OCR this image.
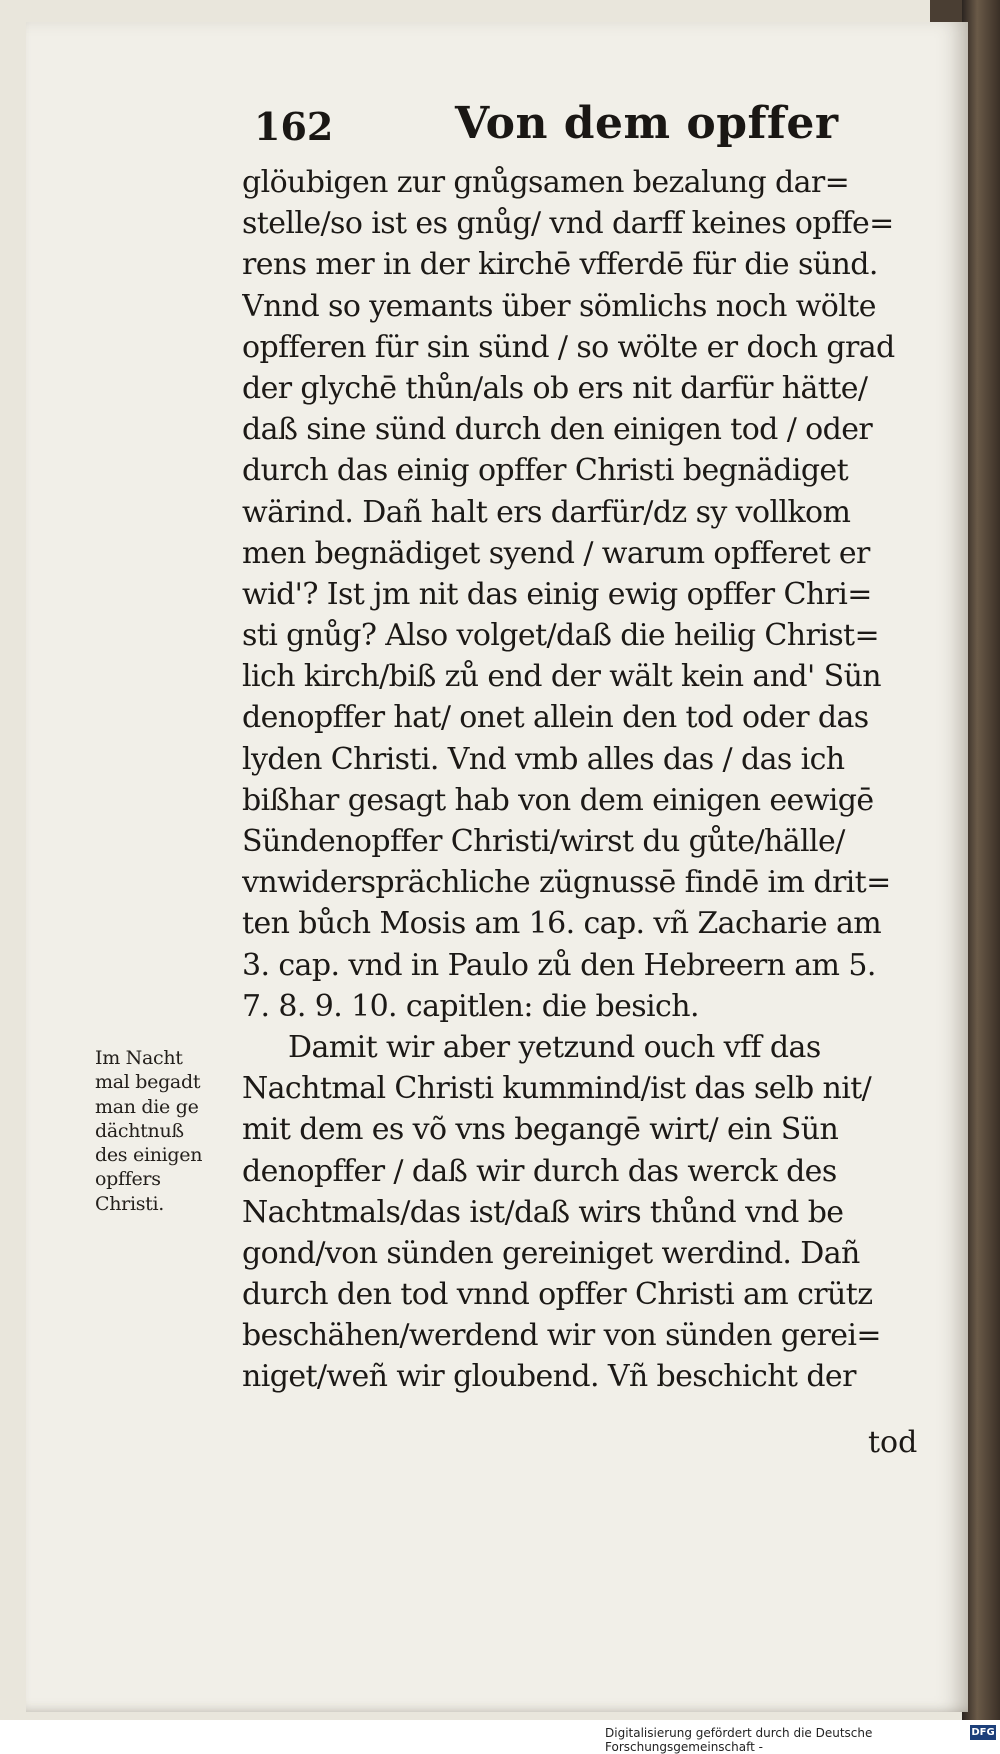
162	Von dem opffer
glöubigen zur gnůgsamen bezalung dar=
stelle/so ist es gnůg/ vnd darff keines opffe=
rens mer in der kirchē vfferdē für die sünd.
Vnnd so yemants über sömlichs noch wölte
opfferen für sin sünd / so wölte er doch grad
der glychē thůn/als ob ers nit darfür hätte/
daß sine sünd durch den einigen tod / oder
durch das einig opffer Christi begnädiget
wärind. Dañ halt ers darfür/dz sy vollkom
men begnädiget syend / warum opfferet er
wid'? Ist jm nit das einig ewig opffer Chri=
sti gnůg? Also volget/daß die heilig Christ=
lich kirch/biß zů end der wält kein and' Sün
denopffer hat/ onet allein den tod oder das
lyden Christi. Vnd vmb alles das / das ich
bißhar gesagt hab von dem einigen eewigē
Sündenopffer Christi/wirst du gůte/hälle/
vnwidersprächliche zügnussē findē im drit=
ten bůch Mosis am 16. cap. vñ Zacharie am
3. cap. vnd in Paulo zů den Hebreern am 5.
7. 8. 9. 10. capitlen: die besich.
Damit wir aber yetzund ouch vff das
Nachtmal Christi kummind/ist das selb nit/
mit dem es võ vns begangē wirt/ ein Sün
denopffer / daß wir durch das werck des
Nachtmals/das ist/daß wirs thůnd vnd be
gond/von sünden gereiniget werdind. Dañ
durch den tod vnnd opffer Christi am crütz
beschähen/werdend wir von sünden gerei=
niget/weñ wir gloubend. Vñ beschicht der
Im Nacht
mal begadt
man die ge
dächtnuß
des einigen
opffers
Christi.
tod
Digitalisierung gefördert durch die Deutsche Forschungsgemeinschaft -
DFG
